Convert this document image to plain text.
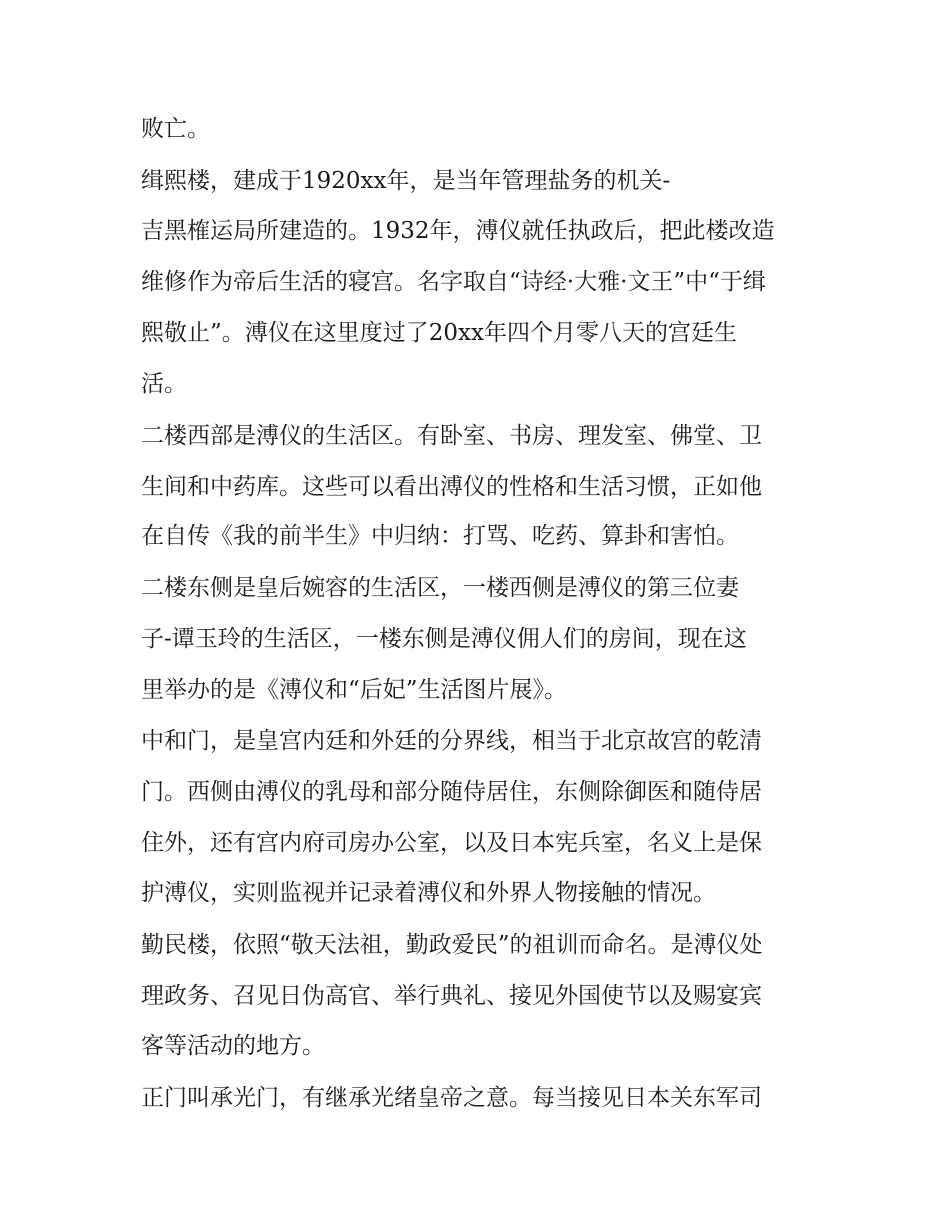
败亡。
缉熙楼，建成于1920xx年，是当年管理盐务的机关-
吉黑榷运局所建造的。1932年，溥仪就任执政后，把此楼改造
维修作为帝后生活的寝宫。名字取自“诗经·大雅·文王”中“于缉
熙敬止”。溥仪在这里度过了20xx年四个月零八天的宫廷生
活。
二楼西部是溥仪的生活区。有卧室、书房、理发室、佛堂、卫
生间和中药库。这些可以看出溥仪的性格和生活习惯，正如他
在自传《我的前半生》中归纳：打骂、吃药、算卦和害怕。
二楼东侧是皇后婉容的生活区，一楼西侧是溥仪的第三位妻
子-谭玉玲的生活区，一楼东侧是溥仪佣人们的房间，现在这
里举办的是《溥仪和“后妃”生活图片展》。
中和门，是皇宫内廷和外廷的分界线，相当于北京故宫的乾清
门。西侧由溥仪的乳母和部分随侍居住，东侧除御医和随侍居
住外，还有宫内府司房办公室，以及日本宪兵室，名义上是保
护溥仪，实则监视并记录着溥仪和外界人物接触的情况。
勤民楼，依照“敬天法祖，勤政爱民”的祖训而命名。是溥仪处
理政务、召见日伪高官、举行典礼、接见外国使节以及赐宴宾
客等活动的地方。
正门叫承光门，有继承光绪皇帝之意。每当接见日本关东军司
